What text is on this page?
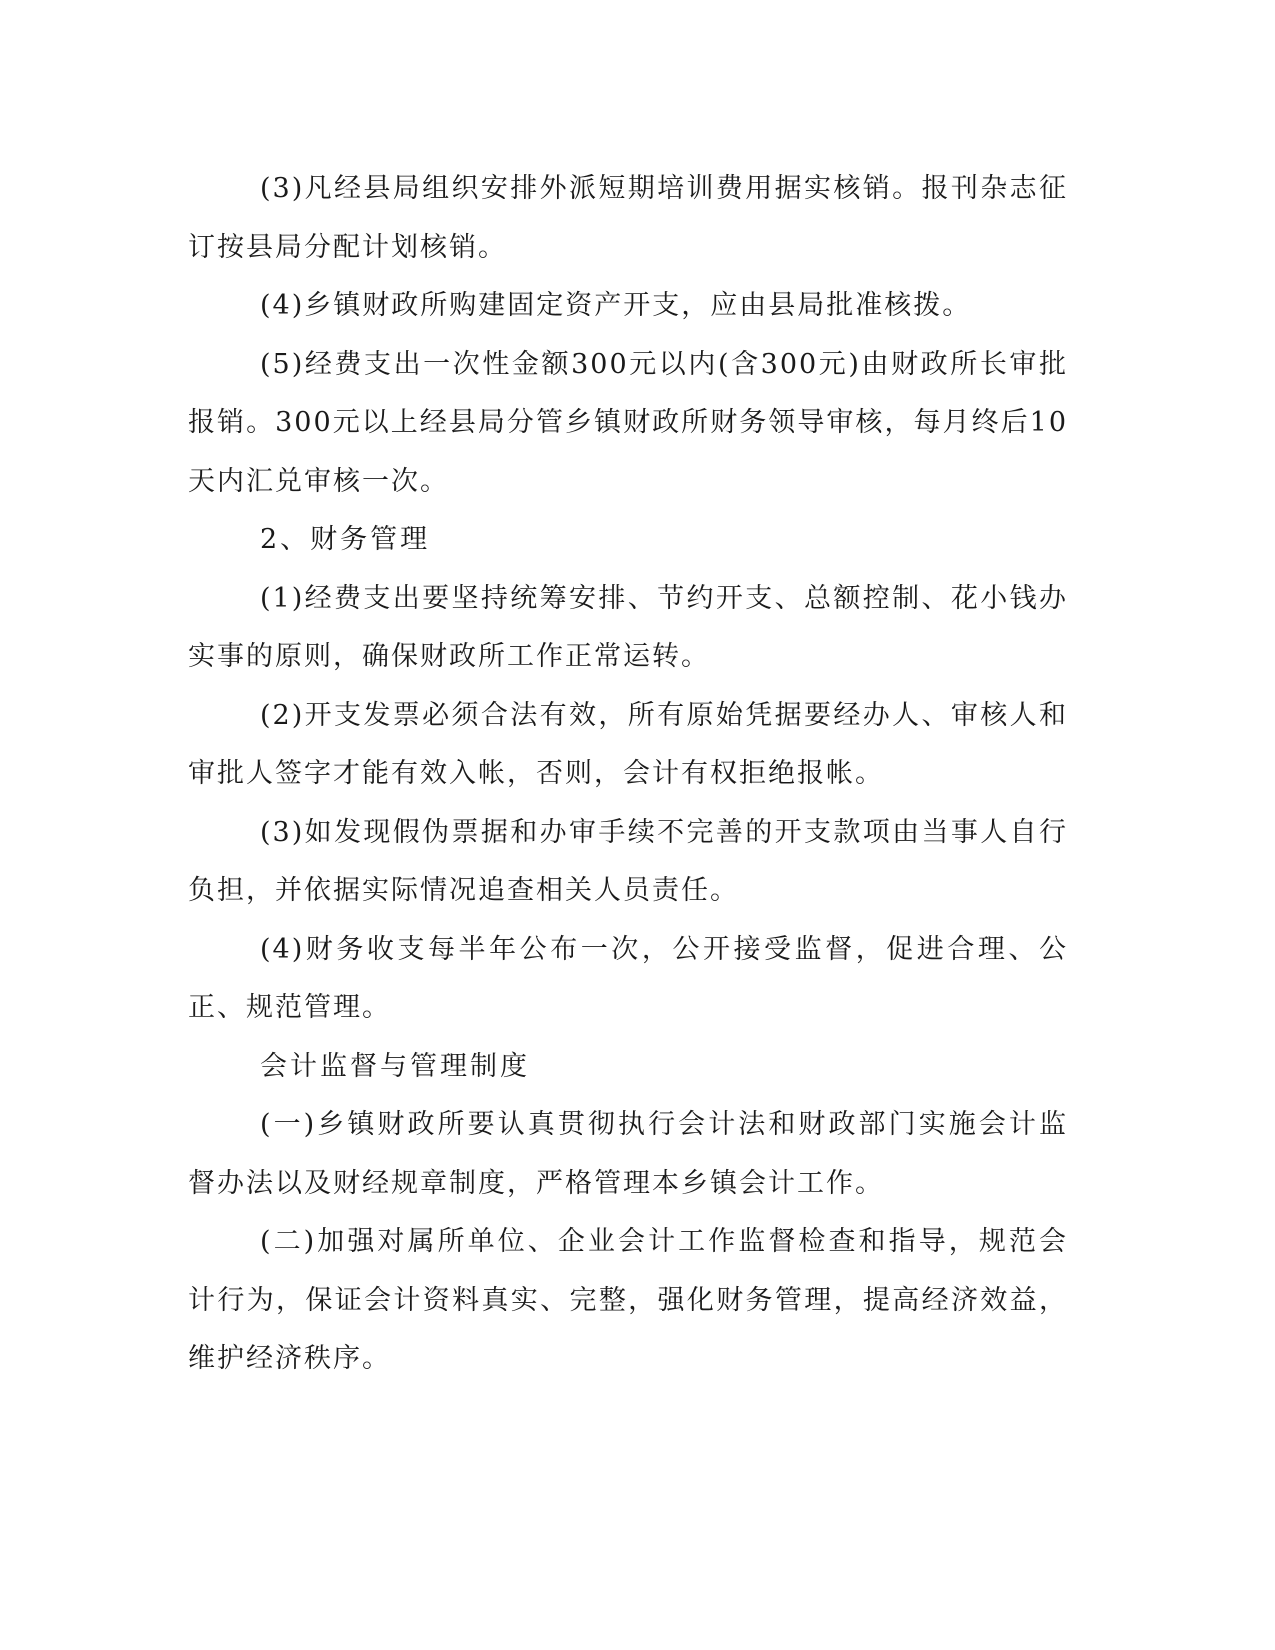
(3)凡经县局组织安排外派短期培训费用据实核销。报刊杂志征订按县局分配计划核销。

(4)乡镇财政所购建固定资产开支，应由县局批准核拨。

(5)经费支出一次性金额300元以内(含300元)由财政所长审批报销。300元以上经县局分管乡镇财政所财务领导审核，每月终后10天内汇兑审核一次。

2、财务管理

(1)经费支出要坚持统筹安排、节约开支、总额控制、花小钱办实事的原则，确保财政所工作正常运转。

(2)开支发票必须合法有效，所有原始凭据要经办人、审核人和审批人签字才能有效入帐，否则，会计有权拒绝报帐。

(3)如发现假伪票据和办审手续不完善的开支款项由当事人自行负担，并依据实际情况追查相关人员责任。

(4)财务收支每半年公布一次，公开接受监督，促进合理、公正、规范管理。

会计监督与管理制度

(一)乡镇财政所要认真贯彻执行会计法和财政部门实施会计监督办法以及财经规章制度，严格管理本乡镇会计工作。

(二)加强对属所单位、企业会计工作监督检查和指导，规范会计行为，保证会计资料真实、完整，强化财务管理，提高经济效益，维护经济秩序。
